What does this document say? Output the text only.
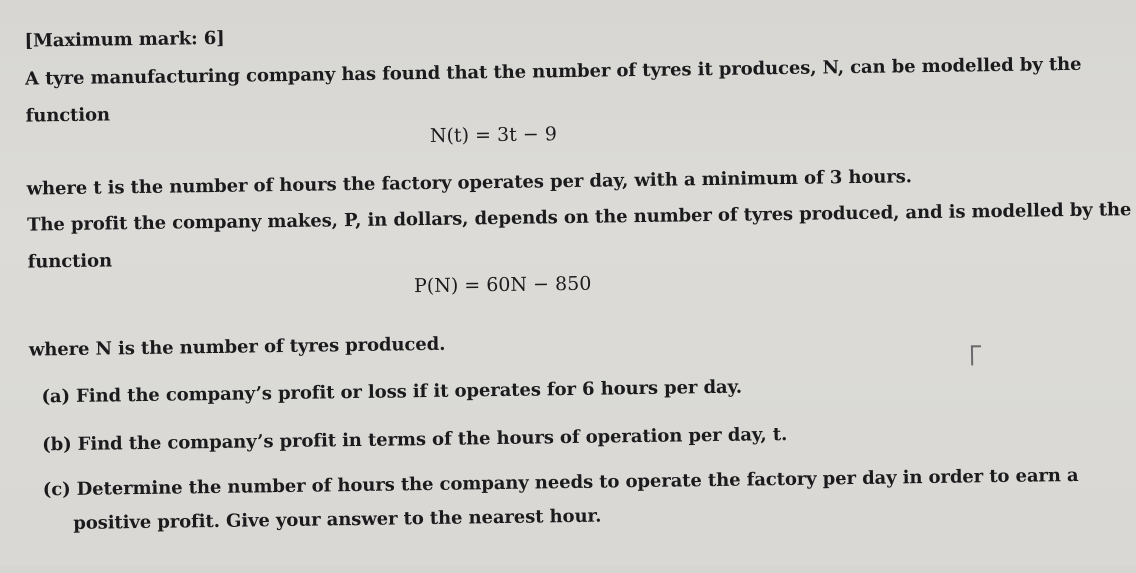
[Maximum mark: 6]
A tyre manufacturing company has found that the number of tyres it produces, N, can be modelled by the
function
N(t) = 3t − 9
where t is the number of hours the factory operates per day, with a minimum of 3 hours.
The profit the company makes, P, in dollars, depends on the number of tyres produced, and is modelled by the
function
P(N) = 60N − 850
where N is the number of tyres produced.
(a) Find the company’s profit or loss if it operates for 6 hours per day.
(b) Find the company’s profit in terms of the hours of operation per day, t.
(c) Determine the number of hours the company needs to operate the factory per day in order to earn a
positive profit. Give your answer to the nearest hour.
